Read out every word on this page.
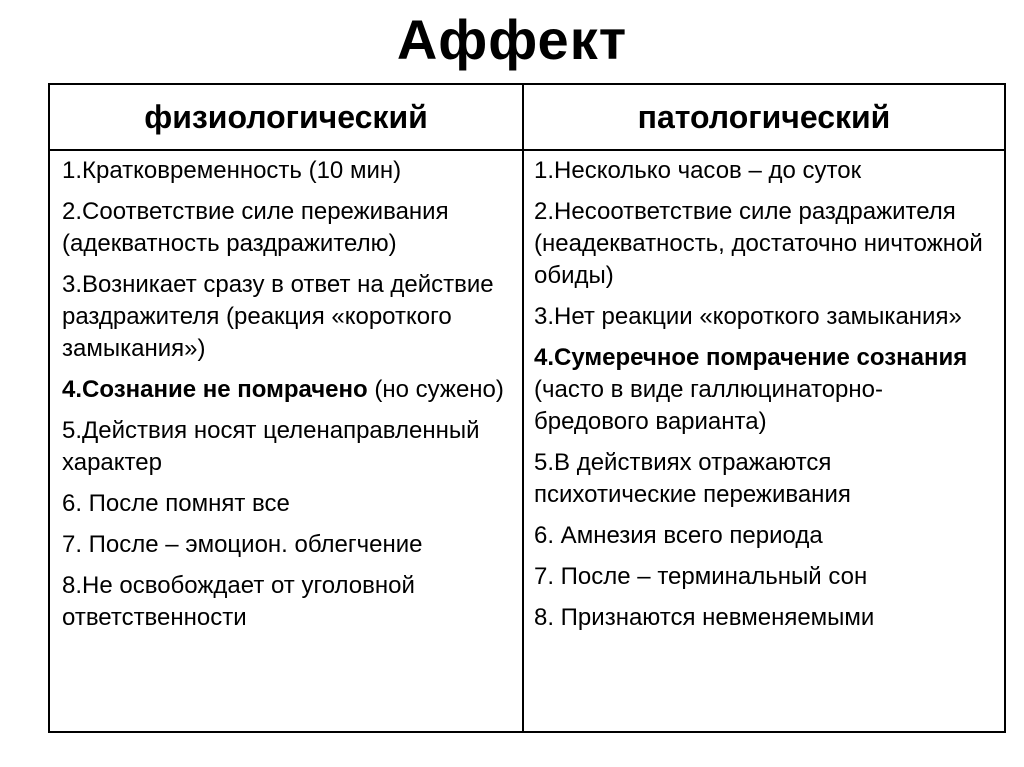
Аффект
физиологический	патологический
1.Кратковременность (10 мин)
2.Соответствие силе переживания (адекватность раздражителю)
3.Возникает сразу в ответ на действие раздражителя (реакция «короткого замыкания»)
4.Сознание не помрачено (но сужено)
5.Действия носят целенаправленный характер
6. После помнят все
7. После – эмоцион. облегчение
8.Не освобождает от уголовной ответственности
1.Несколько часов – до суток
2.Несоответствие силе раздражителя (неадекватность, достаточно ничтожной обиды)
3.Нет реакции «короткого замыкания»
4.Сумеречное помрачение сознания (часто в виде галлюцинаторно-бредового варианта)
5.В действиях отражаются психотические переживания
6. Амнезия всего периода
7. После – терминальный сон
8. Признаются невменяемыми
